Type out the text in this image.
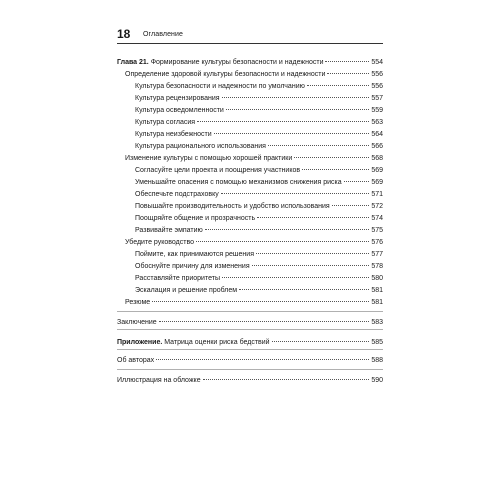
18 Оглавление
Глава 21. Формирование культуры безопасности и надежности	554
Определение здоровой культуры безопасности и надежности	556
Культура безопасности и надежности по умолчанию	556
Культура рецензирования	557
Культура осведомленности	559
Культура согласия	563
Культура неизбежности	564
Культура рационального использования	566
Изменение культуры с помощью хорошей практики	568
Согласуйте цели проекта и поощрения участников	569
Уменьшайте опасения с помощью механизмов снижения риска	569
Обеспечьте подстраховку	571
Повышайте производительность и удобство использования	572
Поощряйте общение и прозрачность	574
Развивайте эмпатию	575
Убедите руководство	576
Поймите, как принимаются решения	577
Обоснуйте причину для изменения	578
Расставляйте приоритеты	580
Эскалация и решение проблем	581
Резюме	581
Заключение	583
Приложение. Матрица оценки риска бедствий	585
Об авторах	588
Иллюстрация на обложке	590
